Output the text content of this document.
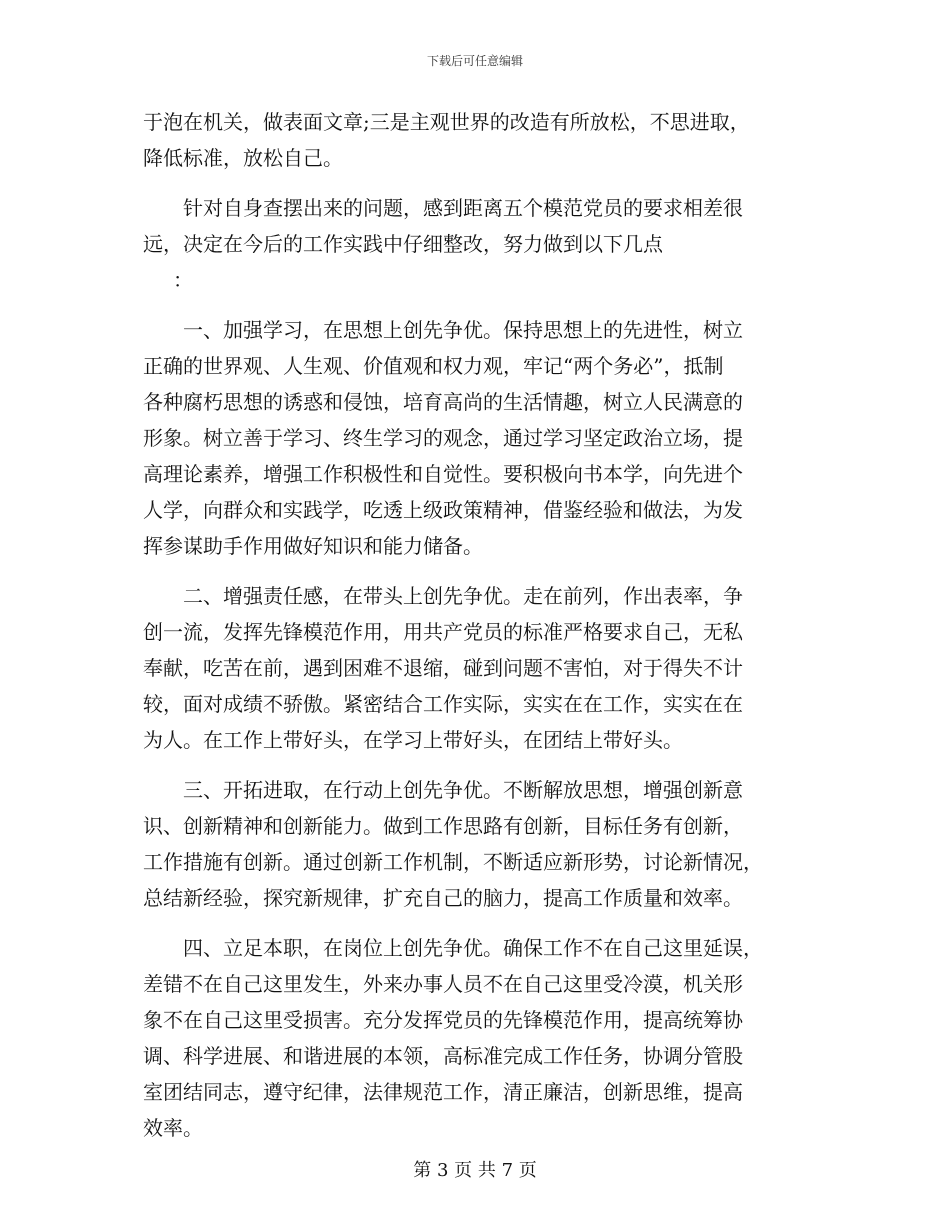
下载后可任意编辑
于泡在机关，做表面文章;三是主观世界的改造有所放松，不思进取，
降低标准，放松自己。
针对自身查摆出来的问题，感到距离五个模范党员的要求相差很
远，决定在今后的工作实践中仔细整改，努力做到以下几点
：
一、加强学习，在思想上创先争优。保持思想上的先进性，树立
正确的世界观、人生观、价值观和权力观，牢记“两个务必”，抵制
各种腐朽思想的诱惑和侵蚀，培育高尚的生活情趣，树立人民满意的
形象。树立善于学习、终生学习的观念，通过学习坚定政治立场，提
高理论素养，增强工作积极性和自觉性。要积极向书本学，向先进个
人学，向群众和实践学，吃透上级政策精神，借鉴经验和做法，为发
挥参谋助手作用做好知识和能力储备。
二、增强责任感，在带头上创先争优。走在前列，作出表率，争
创一流，发挥先锋模范作用，用共产党员的标准严格要求自己，无私
奉献，吃苦在前，遇到困难不退缩，碰到问题不害怕，对于得失不计
较，面对成绩不骄傲。紧密结合工作实际，实实在在工作，实实在在
为人。在工作上带好头，在学习上带好头，在团结上带好头。
三、开拓进取，在行动上创先争优。不断解放思想，增强创新意
识、创新精神和创新能力。做到工作思路有创新，目标任务有创新，
工作措施有创新。通过创新工作机制，不断适应新形势，讨论新情况，
总结新经验，探究新规律，扩充自己的脑力，提高工作质量和效率。
四、立足本职，在岗位上创先争优。确保工作不在自己这里延误，
差错不在自己这里发生，外来办事人员不在自己这里受冷漠，机关形
象不在自己这里受损害。充分发挥党员的先锋模范作用，提高统筹协
调、科学进展、和谐进展的本领，高标准完成工作任务，协调分管股
室团结同志，遵守纪律，法律规范工作，清正廉洁，创新思维，提高
效率。
第 3 页 共 7 页
